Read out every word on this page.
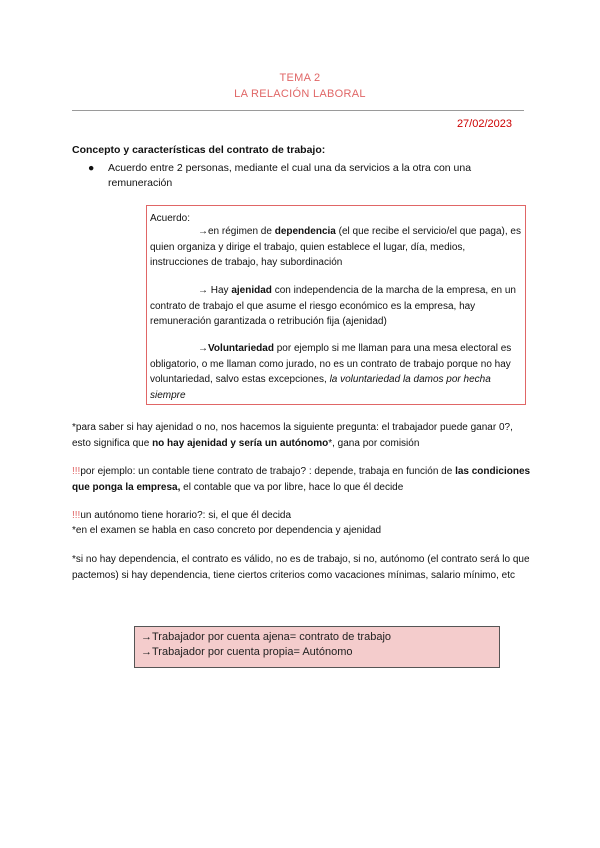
TEMA 2
LA RELACIÓN LABORAL
27/02/2023
Concepto y características del contrato de trabajo:
● Acuerdo entre 2 personas, mediante el cual una da servicios a la otra con una remuneración
Acuerdo:
→en régimen de dependencia (el que recibe el servicio/el que paga), es quien organiza y dirige el trabajo, quien establece el lugar, día, medios, instrucciones de trabajo, hay subordinación
→ Hay ajenidad con independencia de la marcha de la empresa, en un contrato de trabajo el que asume el riesgo económico es la empresa, hay remuneración garantizada o retribución fija (ajenidad)
→Voluntariedad por ejemplo si me llaman para una mesa electoral es obligatorio, o me llaman como jurado, no es un contrato de trabajo porque no hay voluntariedad, salvo estas excepciones, la voluntariedad la damos por hecha siempre
*para saber si hay ajenidad o no, nos hacemos la siguiente pregunta: el trabajador puede ganar 0?, esto significa que no hay ajenidad y sería un autónomo*, gana por comisión
!!!por ejemplo: un contable tiene contrato de trabajo? : depende, trabaja en función de las condiciones que ponga la empresa, el contable que va por libre, hace lo que él decide
!!!un autónomo tiene horario?: si, el que él decida
*en el examen se habla en caso concreto por dependencia y ajenidad
*si no hay dependencia, el contrato es válido, no es de trabajo, si no, autónomo (el contrato será lo que pactemos) si hay dependencia, tiene ciertos criterios como vacaciones mínimas, salario mínimo, etc
→Trabajador por cuenta ajena= contrato de trabajo
→Trabajador por cuenta propia= Autónomo
